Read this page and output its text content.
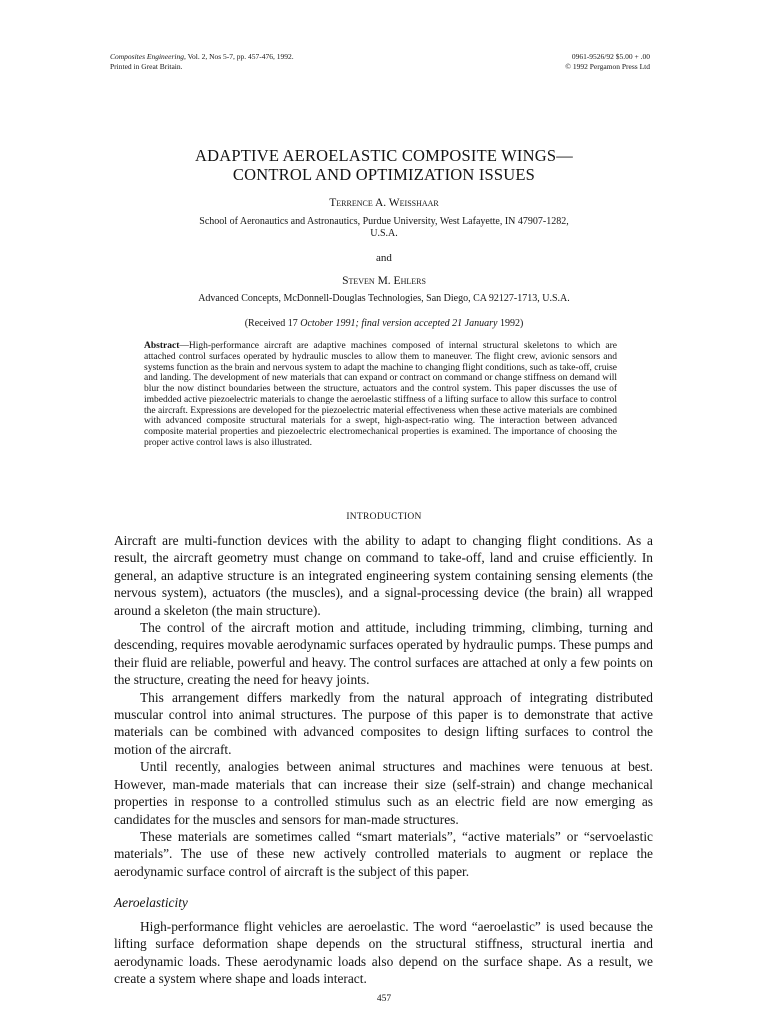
Composites Engineering, Vol. 2, Nos 5-7, pp. 457-476, 1992.
Printed in Great Britain.
0961-9526/92 $5.00 + .00
© 1992 Pergamon Press Ltd
ADAPTIVE AEROELASTIC COMPOSITE WINGS—
CONTROL AND OPTIMIZATION ISSUES
Terrence A. Weisshaar
School of Aeronautics and Astronautics, Purdue University, West Lafayette, IN 47907-1282,
U.S.A.
and
Steven M. Ehlers
Advanced Concepts, McDonnell-Douglas Technologies, San Diego, CA 92127-1713, U.S.A.
(Received 17 October 1991; final version accepted 21 January 1992)
Abstract—High-performance aircraft are adaptive machines composed of internal structural skeletons to which are attached control surfaces operated by hydraulic muscles to allow them to maneuver. The flight crew, avionic sensors and systems function as the brain and nervous system to adapt the machine to changing flight conditions, such as take-off, cruise and landing. The development of new materials that can expand or contract on command or change stiffness on demand will blur the now distinct boundaries between the structure, actuators and the control system. This paper discusses the use of imbedded active piezoelectric materials to change the aeroelastic stiffness of a lifting surface to allow this surface to control the aircraft. Expressions are developed for the piezoelectric material effectiveness when these active materials are combined with advanced composite structural materials for a swept, high-aspect-ratio wing. The interaction between advanced composite material properties and piezoelectric electromechanical properties is examined. The importance of choosing the proper active control laws is also illustrated.
INTRODUCTION

Aircraft are multi-function devices with the ability to adapt to changing flight conditions. As a result, the aircraft geometry must change on command to take-off, land and cruise efficiently. In general, an adaptive structure is an integrated engineering system containing sensing elements (the nervous system), actuators (the muscles), and a signal-processing device (the brain) all wrapped around a skeleton (the main structure).

The control of the aircraft motion and attitude, including trimming, climbing, turning and descending, requires movable aerodynamic surfaces operated by hydraulic pumps. These pumps and their fluid are reliable, powerful and heavy. The control surfaces are attached at only a few points on the structure, creating the need for heavy joints.

This arrangement differs markedly from the natural approach of integrating distributed muscular control into animal structures. The purpose of this paper is to demonstrate that active materials can be combined with advanced composites to design lifting surfaces to control the motion of the aircraft.

Until recently, analogies between animal structures and machines were tenuous at best. However, man-made materials that can increase their size (self-strain) and change mechanical properties in response to a controlled stimulus such as an electric field are now emerging as candidates for the muscles and sensors for man-made structures.

These materials are sometimes called “smart materials”, “active materials” or “servoelastic materials”. The use of these new actively controlled materials to augment or replace the aerodynamic surface control of aircraft is the subject of this paper.

Aeroelasticity

High-performance flight vehicles are aeroelastic. The word “aeroelastic” is used because the lifting surface deformation shape depends on the structural stiffness, structural inertia and aerodynamic loads. These aerodynamic loads also depend on the surface shape. As a result, we create a system where shape and loads interact.

457
